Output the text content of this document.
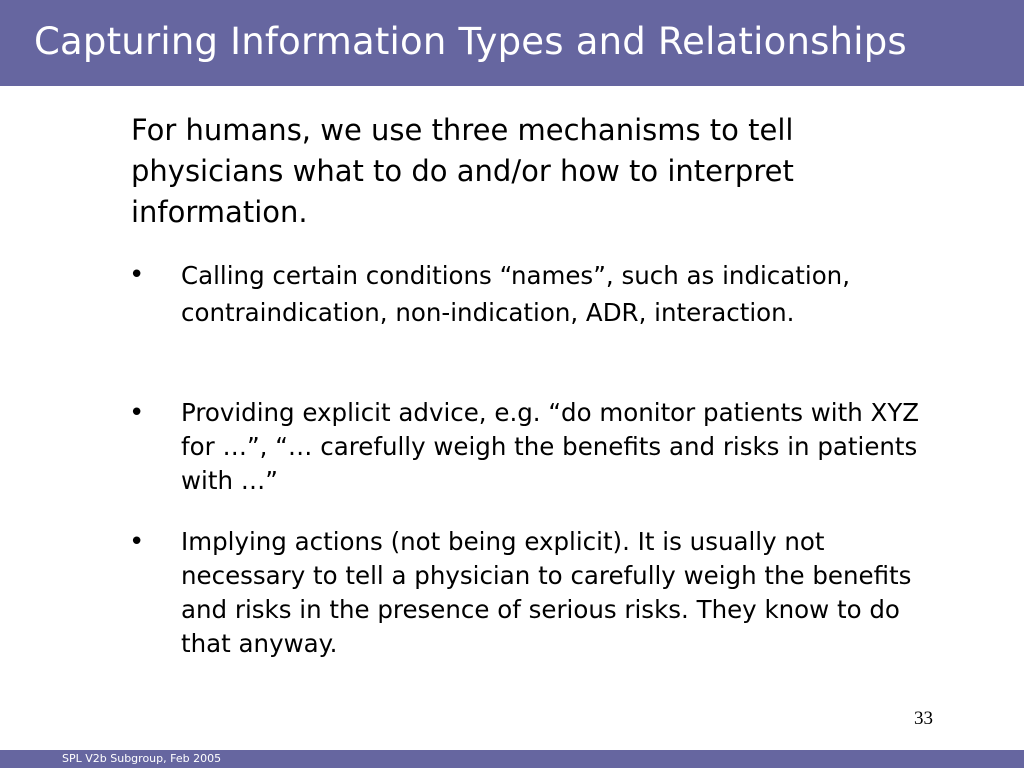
Capturing Information Types and Relationships
For humans, we use three mechanisms to tell physicians what to do and/or how to interpret information.
• Calling certain conditions “names”, such as indication, contraindication, non-indication, ADR, interaction.
• Providing explicit advice, e.g. “do monitor patients with XYZ for …”, “… carefully weigh the benefits and risks in patients with …”
• Implying actions (not being explicit). It is usually not necessary to tell a physician to carefully weigh the benefits and risks in the presence of serious risks. They know to do that anyway.
33
SPL V2b Subgroup, Feb 2005
